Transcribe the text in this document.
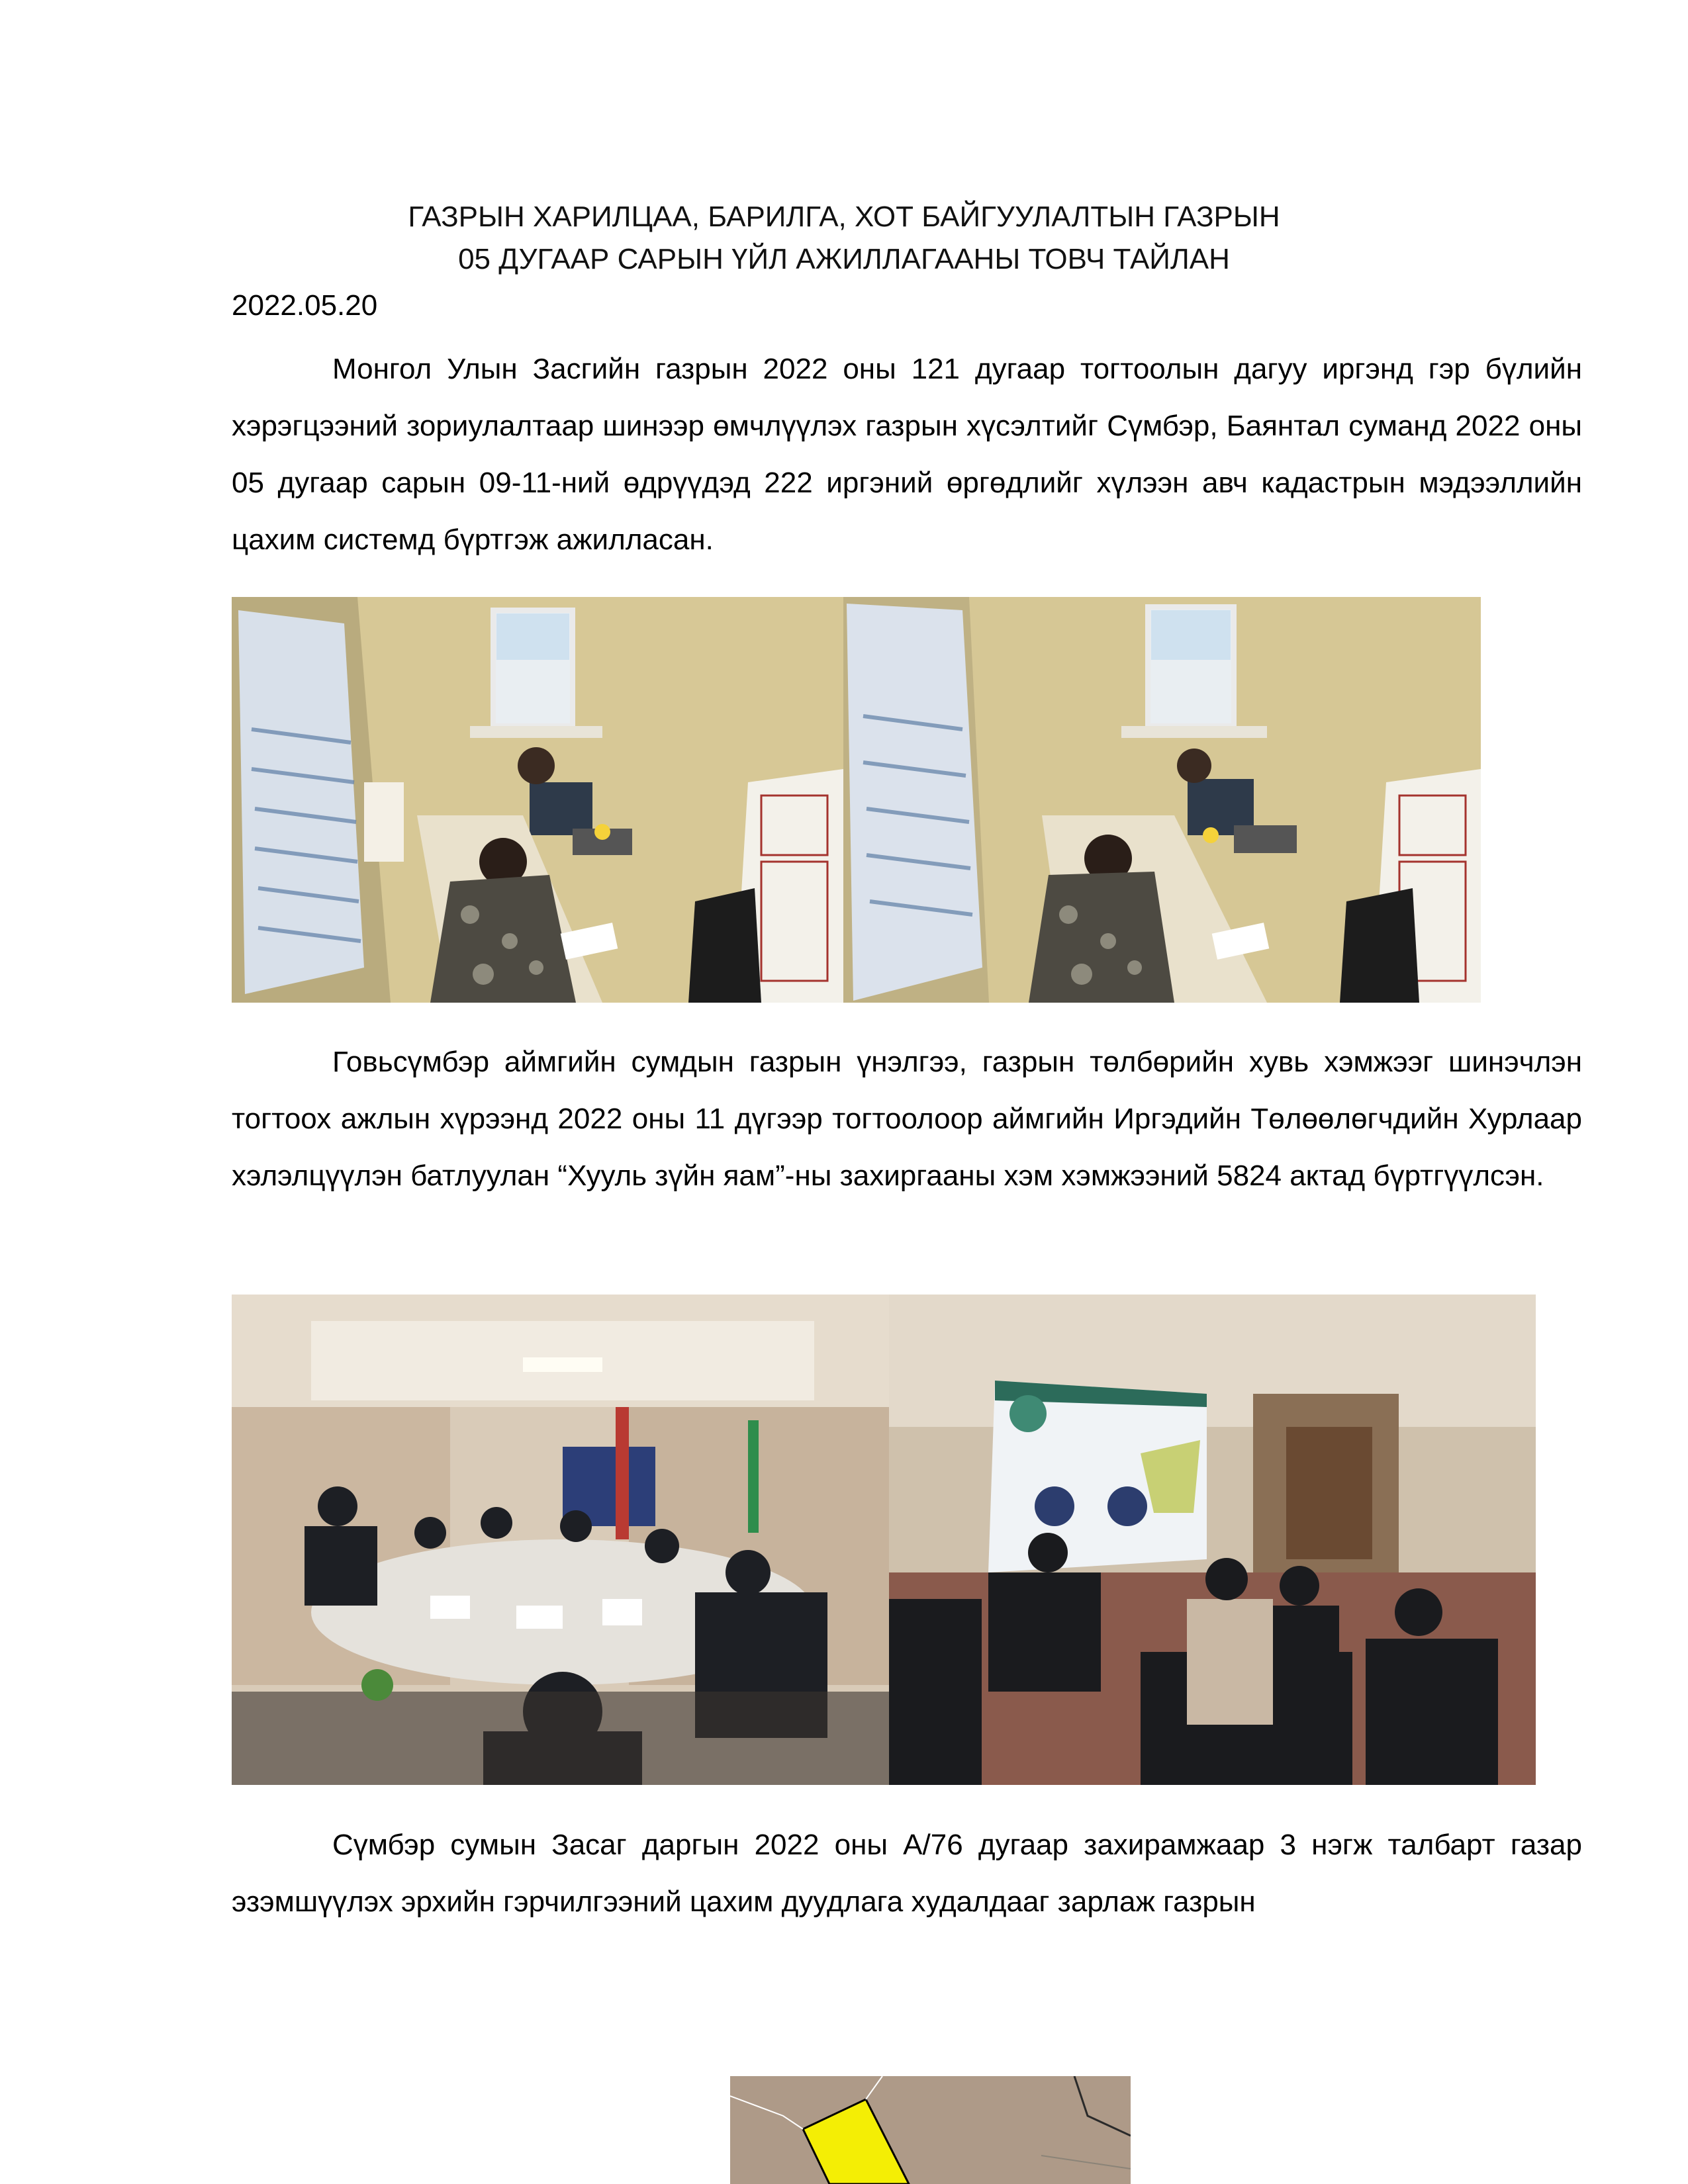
ГАЗРЫН ХАРИЛЦАА, БАРИЛГА, ХОТ БАЙГУУЛАЛТЫН ГАЗРЫН
05 ДУГААР САРЫН ҮЙЛ АЖИЛЛАГААНЫ ТОВЧ ТАЙЛАН
2022.05.20

Монгол Улын Засгийн газрын 2022 оны 121 дугаар тогтоолын дагуу иргэнд гэр бүлийн хэрэгцээний зориулалтаар шинээр өмчлүүлэх газрын хүсэлтийг Сүмбэр, Баянтал суманд 2022 оны 05 дугаар сарын 09-11-ний өдрүүдэд 222 иргэний өргөдлийг хүлээн авч кадастрын мэдээллийн цахим системд бүртгэж ажилласан.

Говьсүмбэр аймгийн сумдын газрын үнэлгээ, газрын төлбөрийн хувь хэмжээг шинэчлэн тогтоох ажлын хүрээнд 2022 оны 11 дүгээр тогтоолоор аймгийн Иргэдийн Төлөөлөгчдийн Хурлаар хэлэлцүүлэн батлуулан “Хууль зүйн яам”-ны захиргааны хэм хэмжээний 5824 актад бүртгүүлсэн.

Сүмбэр сумын Засаг даргын 2022 оны А/76 дугаар захирамжаар 3 нэгж талбарт газар эзэмшүүлэх эрхийн гэрчилгээний цахим дуудлага худалдааг зарлаж газрын
